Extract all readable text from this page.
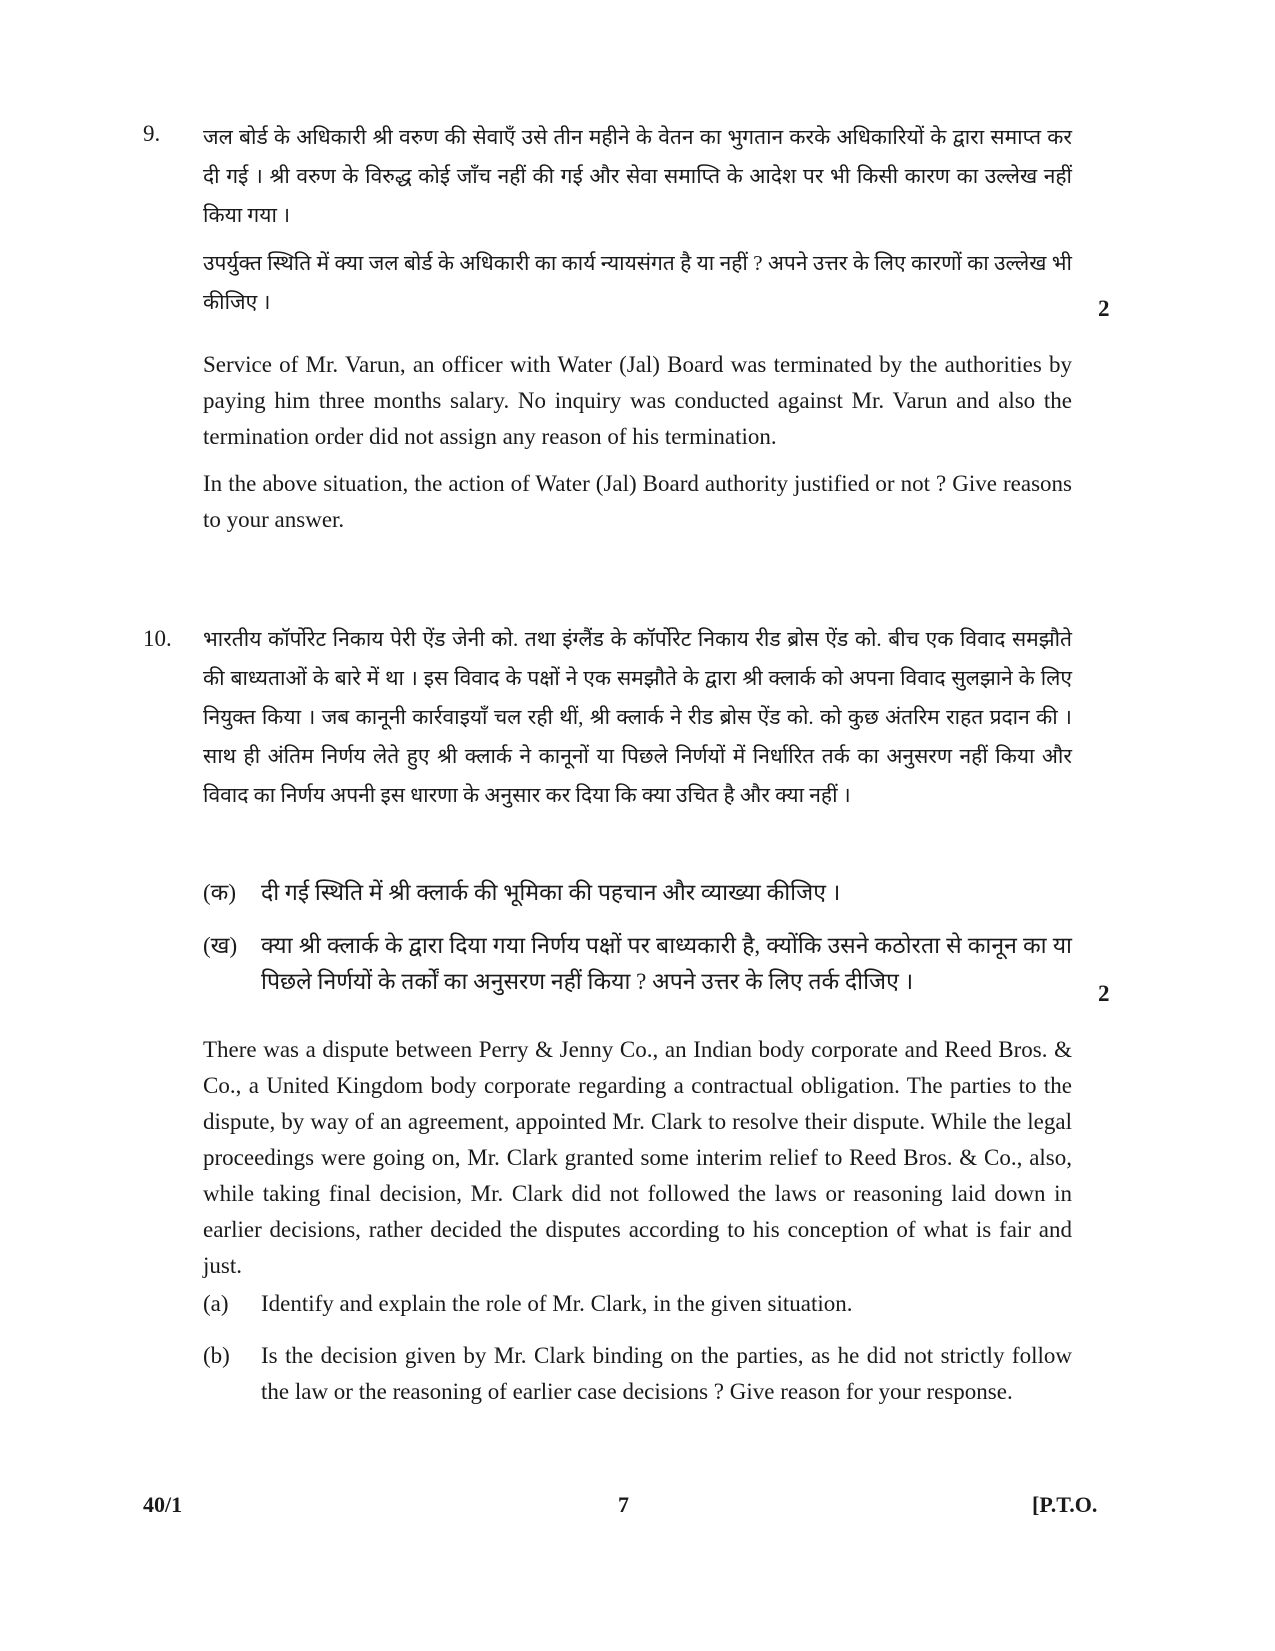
9. जल बोर्ड के अधिकारी श्री वरुण की सेवाएँ उसे तीन महीने के वेतन का भुगतान करके अधिकारियों के द्वारा समाप्त कर दी गई । श्री वरुण के विरुद्ध कोई जाँच नहीं की गई और सेवा समाप्ति के आदेश पर भी किसी कारण का उल्लेख नहीं किया गया ।
उपर्युक्त स्थिति में क्या जल बोर्ड के अधिकारी का कार्य न्यायसंगत है या नहीं ? अपने उत्तर के लिए कारणों का उल्लेख भी कीजिए ।	2
Service of Mr. Varun, an officer with Water (Jal) Board was terminated by the authorities by paying him three months salary. No inquiry was conducted against Mr. Varun and also the termination order did not assign any reason of his termination.
In the above situation, the action of Water (Jal) Board authority justified or not ? Give reasons to your answer.
10. भारतीय कॉर्पोरेट निकाय पेरी ऐंड जेनी को. तथा इंग्लैंड के कॉर्पोरेट निकाय रीड ब्रोस ऐंड को. बीच एक विवाद समझौते की बाध्यताओं के बारे में था । इस विवाद के पक्षों ने एक समझौते के द्वारा श्री क्लार्क को अपना विवाद सुलझाने के लिए नियुक्त किया । जब कानूनी कार्रवाइयाँ चल रही थीं, श्री क्लार्क ने रीड ब्रोस ऐंड को. को कुछ अंतरिम राहत प्रदान की । साथ ही अंतिम निर्णय लेते हुए श्री क्लार्क ने कानूनों या पिछले निर्णयों में निर्धारित तर्क का अनुसरण नहीं किया और विवाद का निर्णय अपनी इस धारणा के अनुसार कर दिया कि क्या उचित है और क्या नहीं ।
(क) दी गई स्थिति में श्री क्लार्क की भूमिका की पहचान और व्याख्या कीजिए ।
(ख) क्या श्री क्लार्क के द्वारा दिया गया निर्णय पक्षों पर बाध्यकारी है, क्योंकि उसने कठोरता से कानून का या पिछले निर्णयों के तर्कों का अनुसरण नहीं किया ? अपने उत्तर के लिए तर्क दीजिए ।	2
There was a dispute between Perry & Jenny Co., an Indian body corporate and Reed Bros. & Co., a United Kingdom body corporate regarding a contractual obligation. The parties to the dispute, by way of an agreement, appointed Mr. Clark to resolve their dispute. While the legal proceedings were going on, Mr. Clark granted some interim relief to Reed Bros. & Co., also, while taking final decision, Mr. Clark did not followed the laws or reasoning laid down in earlier decisions, rather decided the disputes according to his conception of what is fair and just.
(a) Identify and explain the role of Mr. Clark, in the given situation.
(b) Is the decision given by Mr. Clark binding on the parties, as he did not strictly follow the law or the reasoning of earlier case decisions ? Give reason for your response.
40/1	7	[P.T.O.
